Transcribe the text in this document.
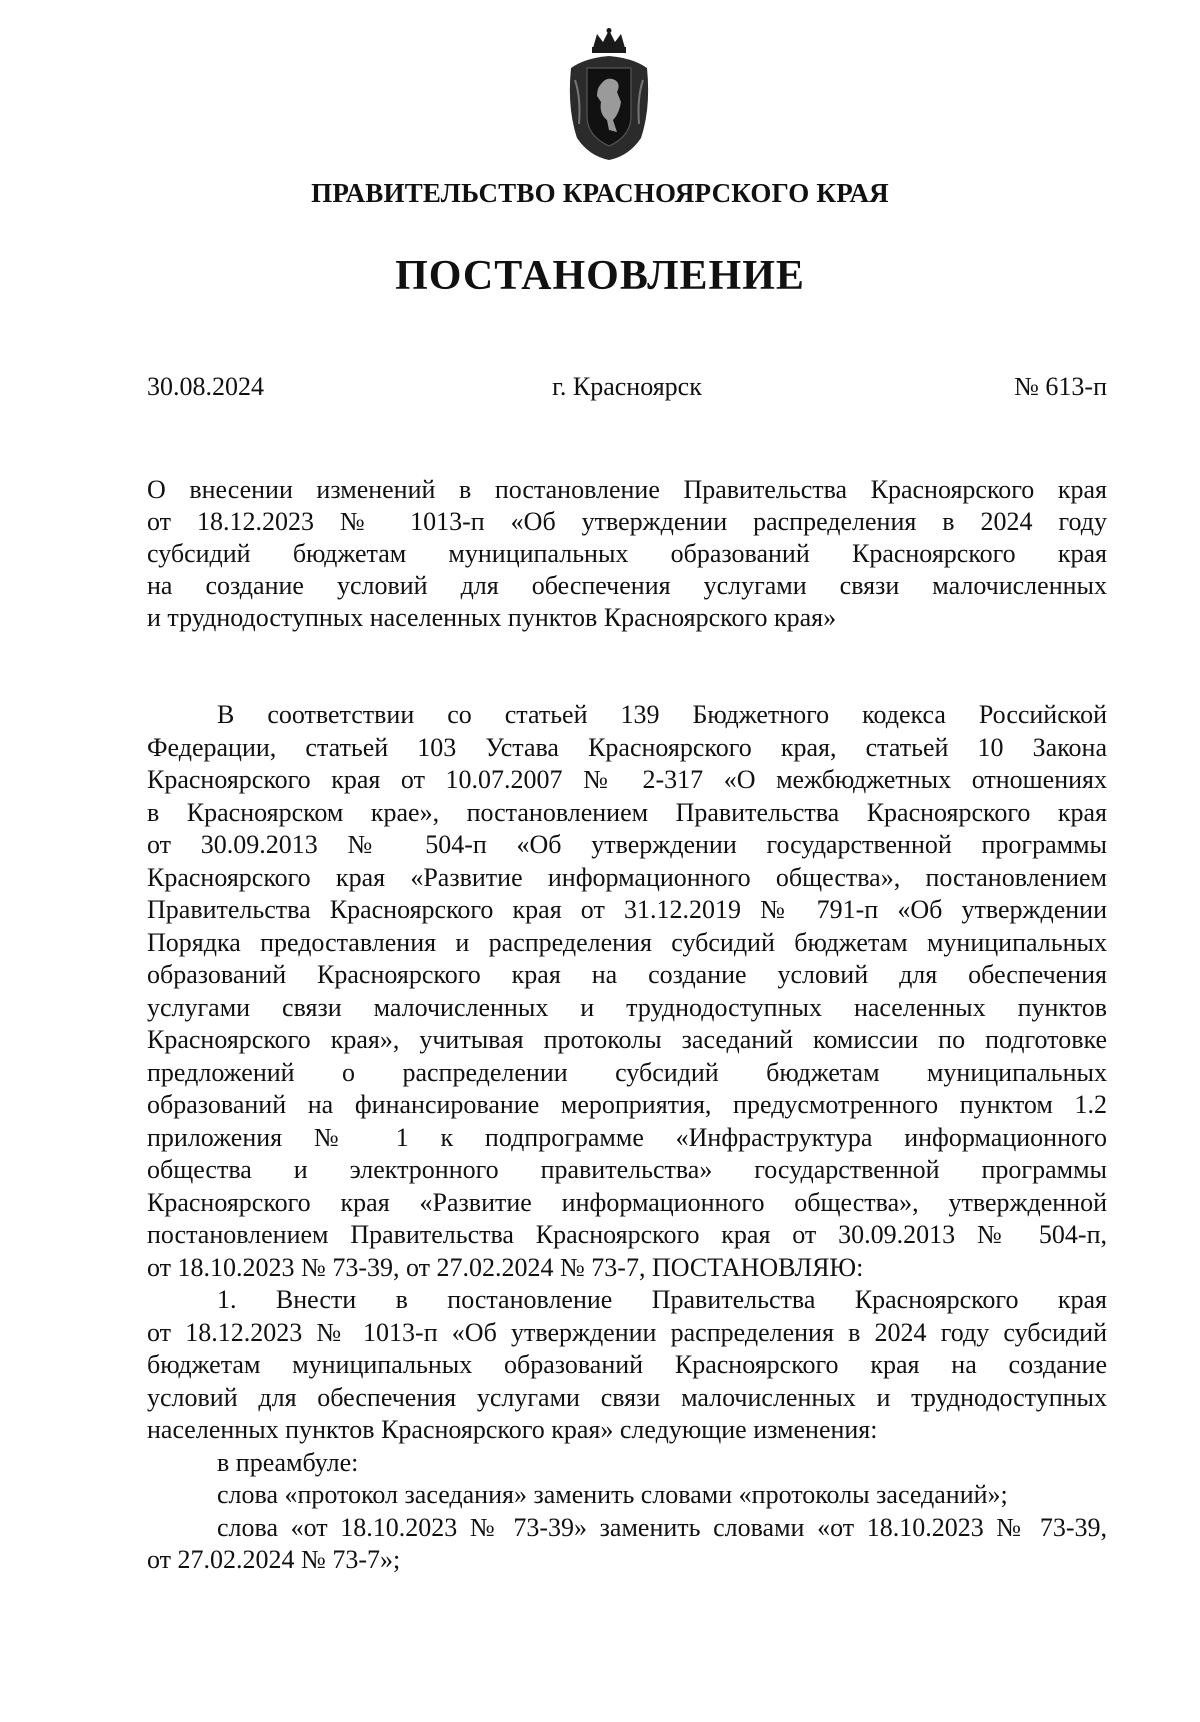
ПРАВИТЕЛЬСТВО КРАСНОЯРСКОГО КРАЯ
ПОСТАНОВЛЕНИЕ
г. Красноярск
30.08.2024	№ 613-п
О внесении изменений в постановление Правительства Красноярского края
от 18.12.2023 № 1013-п «Об утверждении распределения в 2024 году
субсидий бюджетам муниципальных образований Красноярского края
на создание условий для обеспечения услугами связи малочисленных
и труднодоступных населенных пунктов Красноярского края»
В соответствии со статьей 139 Бюджетного кодекса Российской
Федерации, статьей 103 Устава Красноярского края, статьей 10 Закона
Красноярского края от 10.07.2007 № 2-317 «О межбюджетных отношениях
в Красноярском крае», постановлением Правительства Красноярского края
от 30.09.2013 № 504-п «Об утверждении государственной программы
Красноярского края «Развитие информационного общества», постановлением
Правительства Красноярского края от 31.12.2019 № 791-п «Об утверждении
Порядка предоставления и распределения субсидий бюджетам муниципальных
образований Красноярского края на создание условий для обеспечения
услугами связи малочисленных и труднодоступных населенных пунктов
Красноярского края», учитывая протоколы заседаний комиссии по подготовке
предложений о распределении субсидий бюджетам муниципальных
образований на финансирование мероприятия, предусмотренного пунктом 1.2
приложения № 1 к подпрограмме «Инфраструктура информационного
общества и электронного правительства» государственной программы
Красноярского края «Развитие информационного общества», утвержденной
постановлением Правительства Красноярского края от 30.09.2013 № 504-п,
от 18.10.2023 № 73-39, от 27.02.2024 № 73-7, ПОСТАНОВЛЯЮ:
1. Внести в постановление Правительства Красноярского края
от 18.12.2023 № 1013-п «Об утверждении распределения в 2024 году субсидий
бюджетам муниципальных образований Красноярского края на создание
условий для обеспечения услугами связи малочисленных и труднодоступных
населенных пунктов Красноярского края» следующие изменения:
в преамбуле:
слова «протокол заседания» заменить словами «протоколы заседаний»;
слова «от 18.10.2023 № 73-39» заменить словами «от 18.10.2023 № 73-39,
от 27.02.2024 № 73-7»;
